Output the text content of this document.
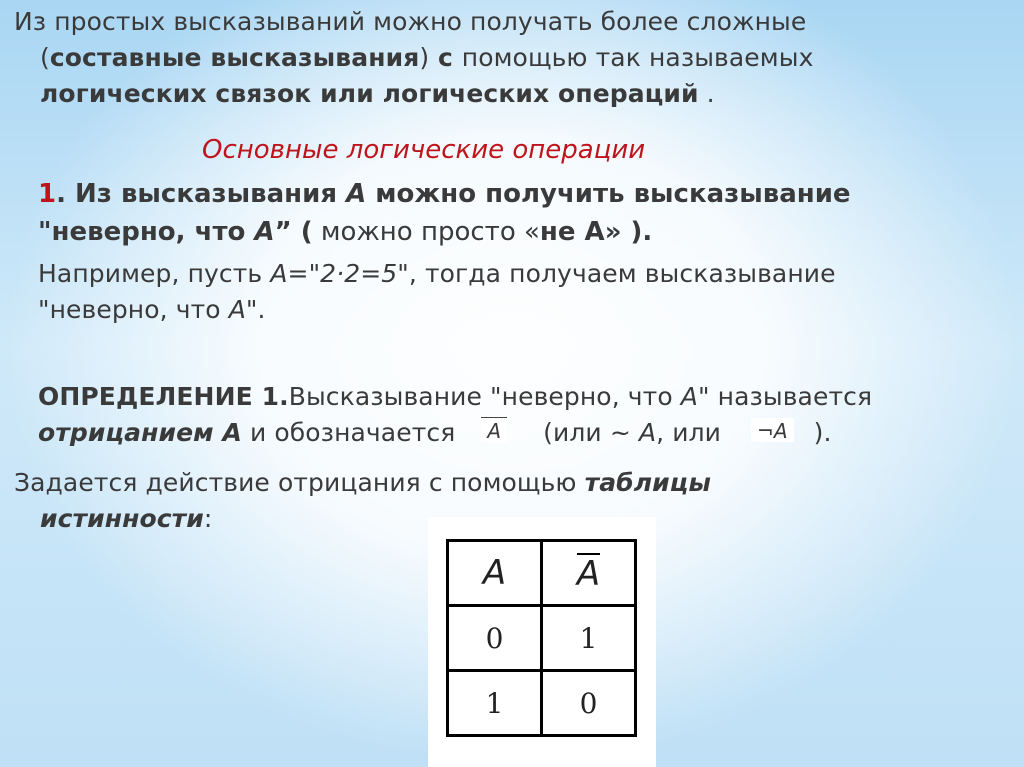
Из простых высказываний можно получать более сложные
(составные высказывания) с помощью так называемых
логических связок или логических операций .
Основные логические операции
1. Из высказывания А можно получить высказывание
"неверно, что А” ( можно просто «не А» ).
Например, пусть А="2·2=5", тогда получаем высказывание
"неверно, что А".
ОПРЕДЕЛЕНИЕ 1.Высказывание "неверно, что А" называется
отрицанием А и обозначается А (или ~ А, или ¬А ).
Задается действие отрицания с помощью таблицы
истинности:
A	A
0	1
1	0
